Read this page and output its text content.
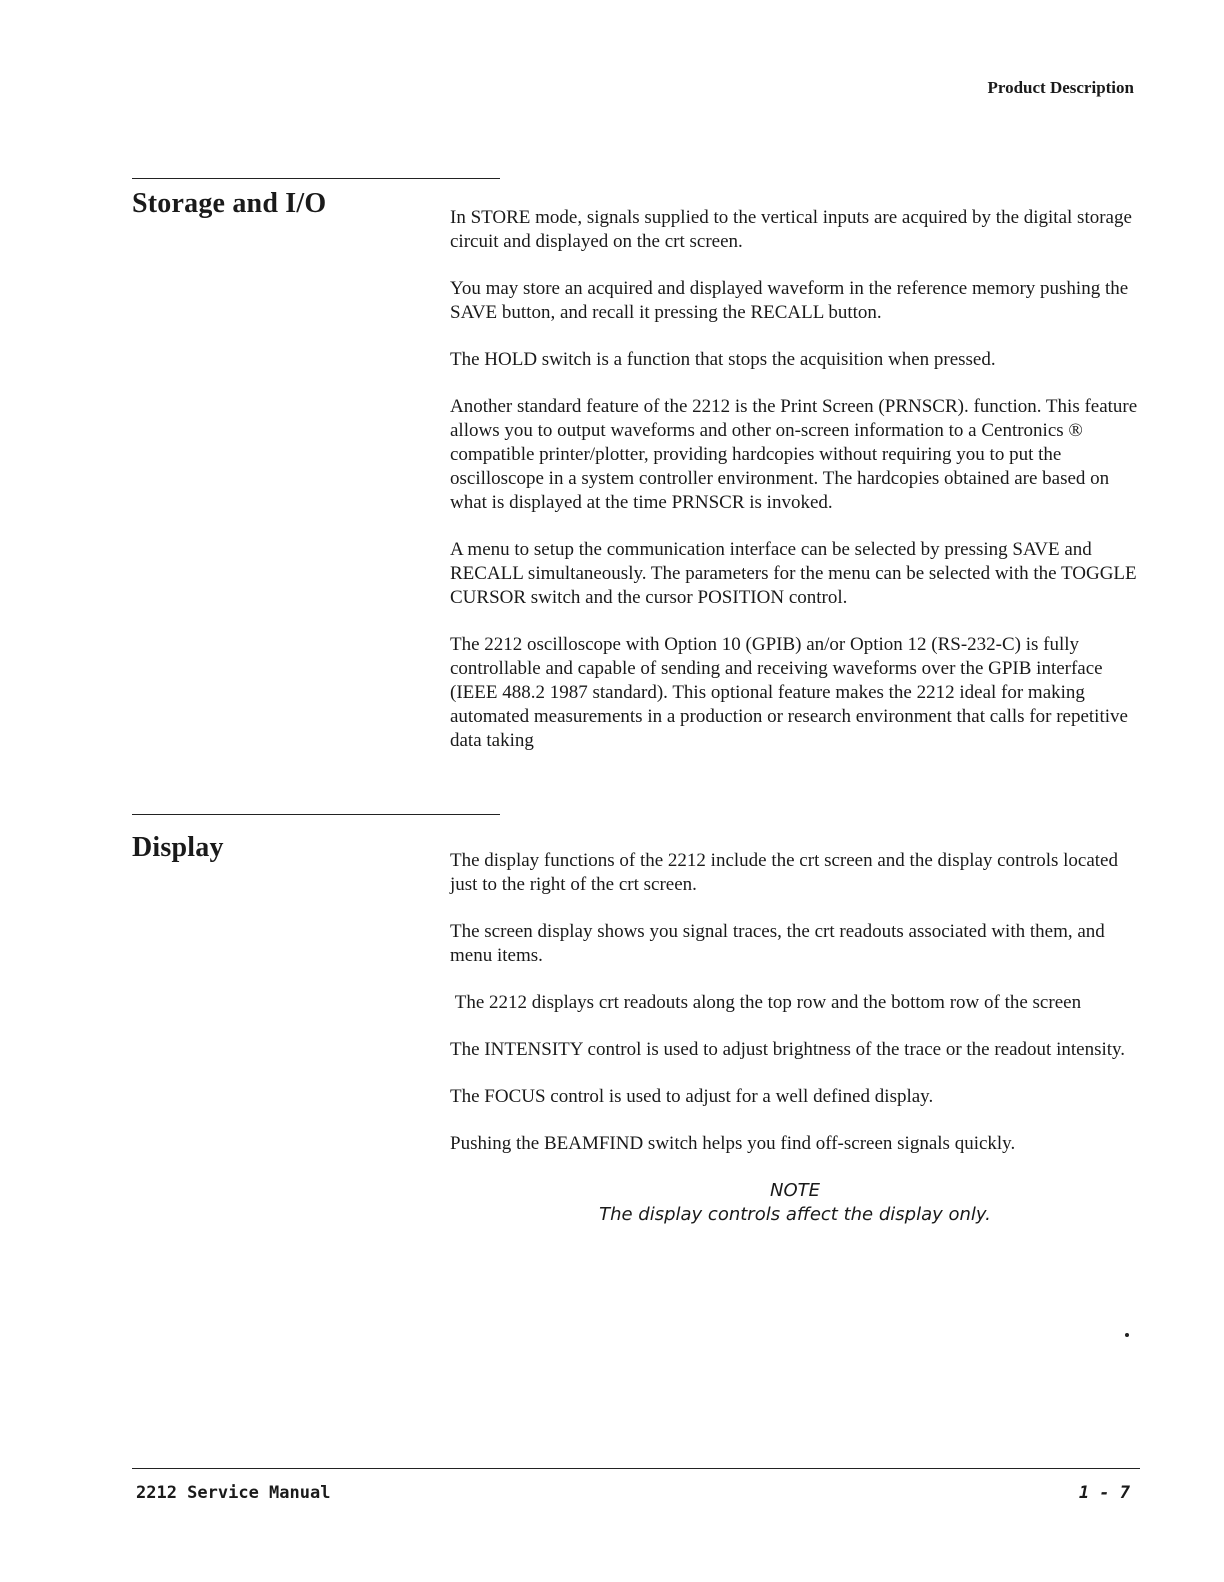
Product Description
Storage and I/O	In STORE mode, signals supplied to the vertical inputs are acquired by the digital storage circuit and displayed on the crt screen.

You may store an acquired and displayed waveform in the reference memory pushing the SAVE button, and recall it pressing the RECALL button.

The HOLD switch is a function that stops the acquisition when pressed.

Another standard feature of the 2212 is the Print Screen (PRNSCR). function. This feature allows you to output waveforms and other on-screen information to a Centronics ® compatible printer/plotter, providing hardcopies without requiring you to put the oscilloscope in a system controller environment. The hardcopies obtained are based on what is displayed at the time PRNSCR is invoked.

A menu to setup the communication interface can be selected by pressing SAVE and RECALL simultaneously. The parameters for the menu can be selected with the TOGGLE CURSOR switch and the cursor POSITION control.

The 2212 oscilloscope with Option 10 (GPIB) an/or Option 12 (RS-232-C) is fully controllable and capable of sending and receiving waveforms over the GPIB interface (IEEE 488.2 1987 standard). This optional feature makes the 2212 ideal for making automated measurements in a production or research environment that calls for repetitive data taking

Display	The display functions of the 2212 include the crt screen and the display controls located just to the right of the crt screen.

The screen display shows you signal traces, the crt readouts associated with them, and menu items.

The 2212 displays crt readouts along the top row and the bottom row of the screen

The INTENSITY control is used to adjust brightness of the trace or the readout intensity.

The FOCUS control is used to adjust for a well defined display.

Pushing the BEAMFIND switch helps you find off-screen signals quickly.

NOTE
The display controls affect the display only.
2212 Service Manual	1 - 7
